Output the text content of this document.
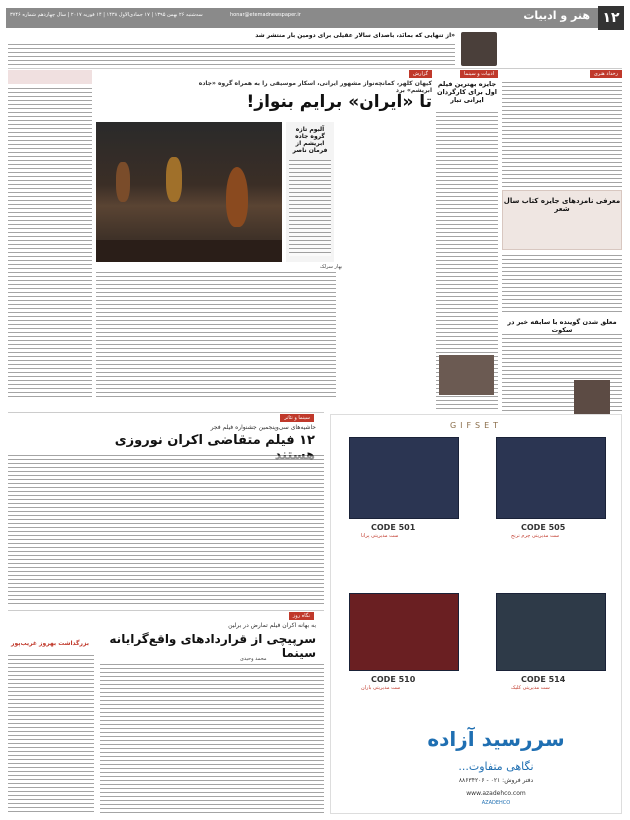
۱۲
هنر و ادبیات
honar@etemadnewspaper.ir
سه‌شنبه ۲۶ بهمن ۱۳۹۵ | ۱۷ جمادی‌الاول ۱۴۳۸ | ۱۴ فوریه ۲۰۱۷ | سال چهاردهم شماره ۳۷۴۶
«از تنهایی که بمانَد، باصدای سالار عقیلی برای دومین بار منتشر شد
رخداد هنری
معرفی نامزدهای جایزه کتاب سال شعر
معلق شدن گوینده با سابقه خبر در سکوت
ادبیات و سینما
جایزه بهترین فیلم اول برای کارگردان ایرانی تبار
گزارش
کیهان کلهر، کمانچه‌نواز مشهور ایرانی، اسکار موسیقی را به همراه گروه «جاده ابریشم» برد
تا «ایران» برایم بنواز!
آلبوم تازه گروه جاده ابریشم از فرمان ناصر
بهار سرلک
بزرگداشت بهروز غریب‌پور
سینما و تئاتر
حاشیه‌های سی‌وپنجمین جشنواره فیلم فجر
۱۲ فیلم متقاضی اکران نوروزی
نگاه روز
به بهانه اکران فیلم تمارض در برلین
سرپیچی از قراردادهای واقع‌گرایانه سینما
محمد وحیدی
GIFSET
CODE 505
ست مدیریتی چرم ترنج
CODE 501
ست مدیریتی پرانا
CODE 514
ست مدیریتی کلیک
CODE 510
ست مدیریتی باران
سررسید آزاده
نگاهی متفاوت...
دفتر فروش: ۰۲۱ - ۸۸۶۳۴۲۰۶
www.azadehco.com
AZADEHCO
